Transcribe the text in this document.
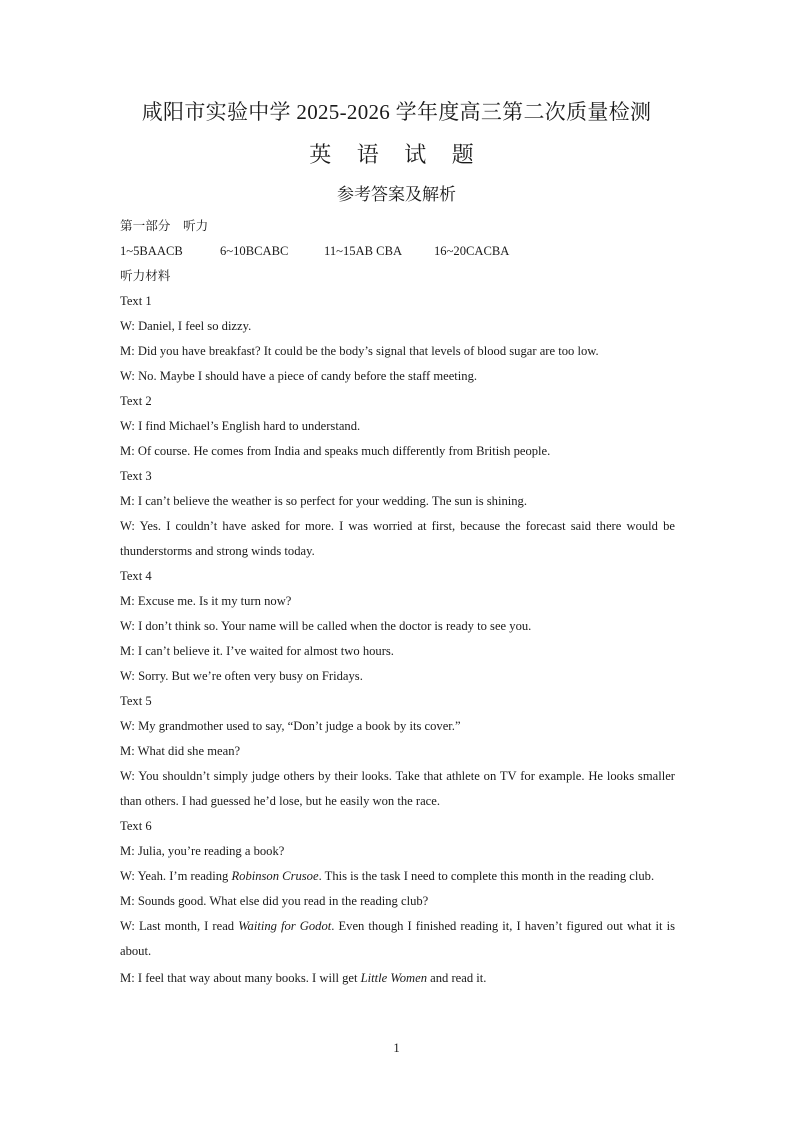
咸阳市实验中学 2025-2026 学年度高三第二次质量检测
英 语 试 题
参考答案及解析
第一部分　听力
1~5BAACB	6~10BCABC	11~15AB CBA	16~20CACBA
听力材料
Text 1
W: Daniel, I feel so dizzy.
M: Did you have breakfast? It could be the body’s signal that levels of blood sugar are too low.
W: No. Maybe I should have a piece of candy before the staff meeting.
Text 2
W: I find Michael’s English hard to understand.
M: Of course. He comes from India and speaks much differently from British people.
Text 3
M: I can’t believe the weather is so perfect for your wedding. The sun is shining.
W: Yes. I couldn’t have asked for more. I was worried at first, because the forecast said there would be thunderstorms and strong winds today.
Text 4
M: Excuse me. Is it my turn now?
W: I don’t think so. Your name will be called when the doctor is ready to see you.
M: I can’t believe it. I’ve waited for almost two hours.
W: Sorry. But we’re often very busy on Fridays.
Text 5
W: My grandmother used to say, “Don’t judge a book by its cover.”
M: What did she mean?
W: You shouldn’t simply judge others by their looks. Take that athlete on TV for example. He looks smaller than others. I had guessed he’d lose, but he easily won the race.
Text 6
M: Julia, you’re reading a book?
W: Yeah. I’m reading Robinson Crusoe. This is the task I need to complete this month in the reading club.
M: Sounds good. What else did you read in the reading club?
W: Last month, I read Waiting for Godot. Even though I finished reading it, I haven’t figured out what it is about.
M: I feel that way about many books. I will get Little Women and read it.
1
